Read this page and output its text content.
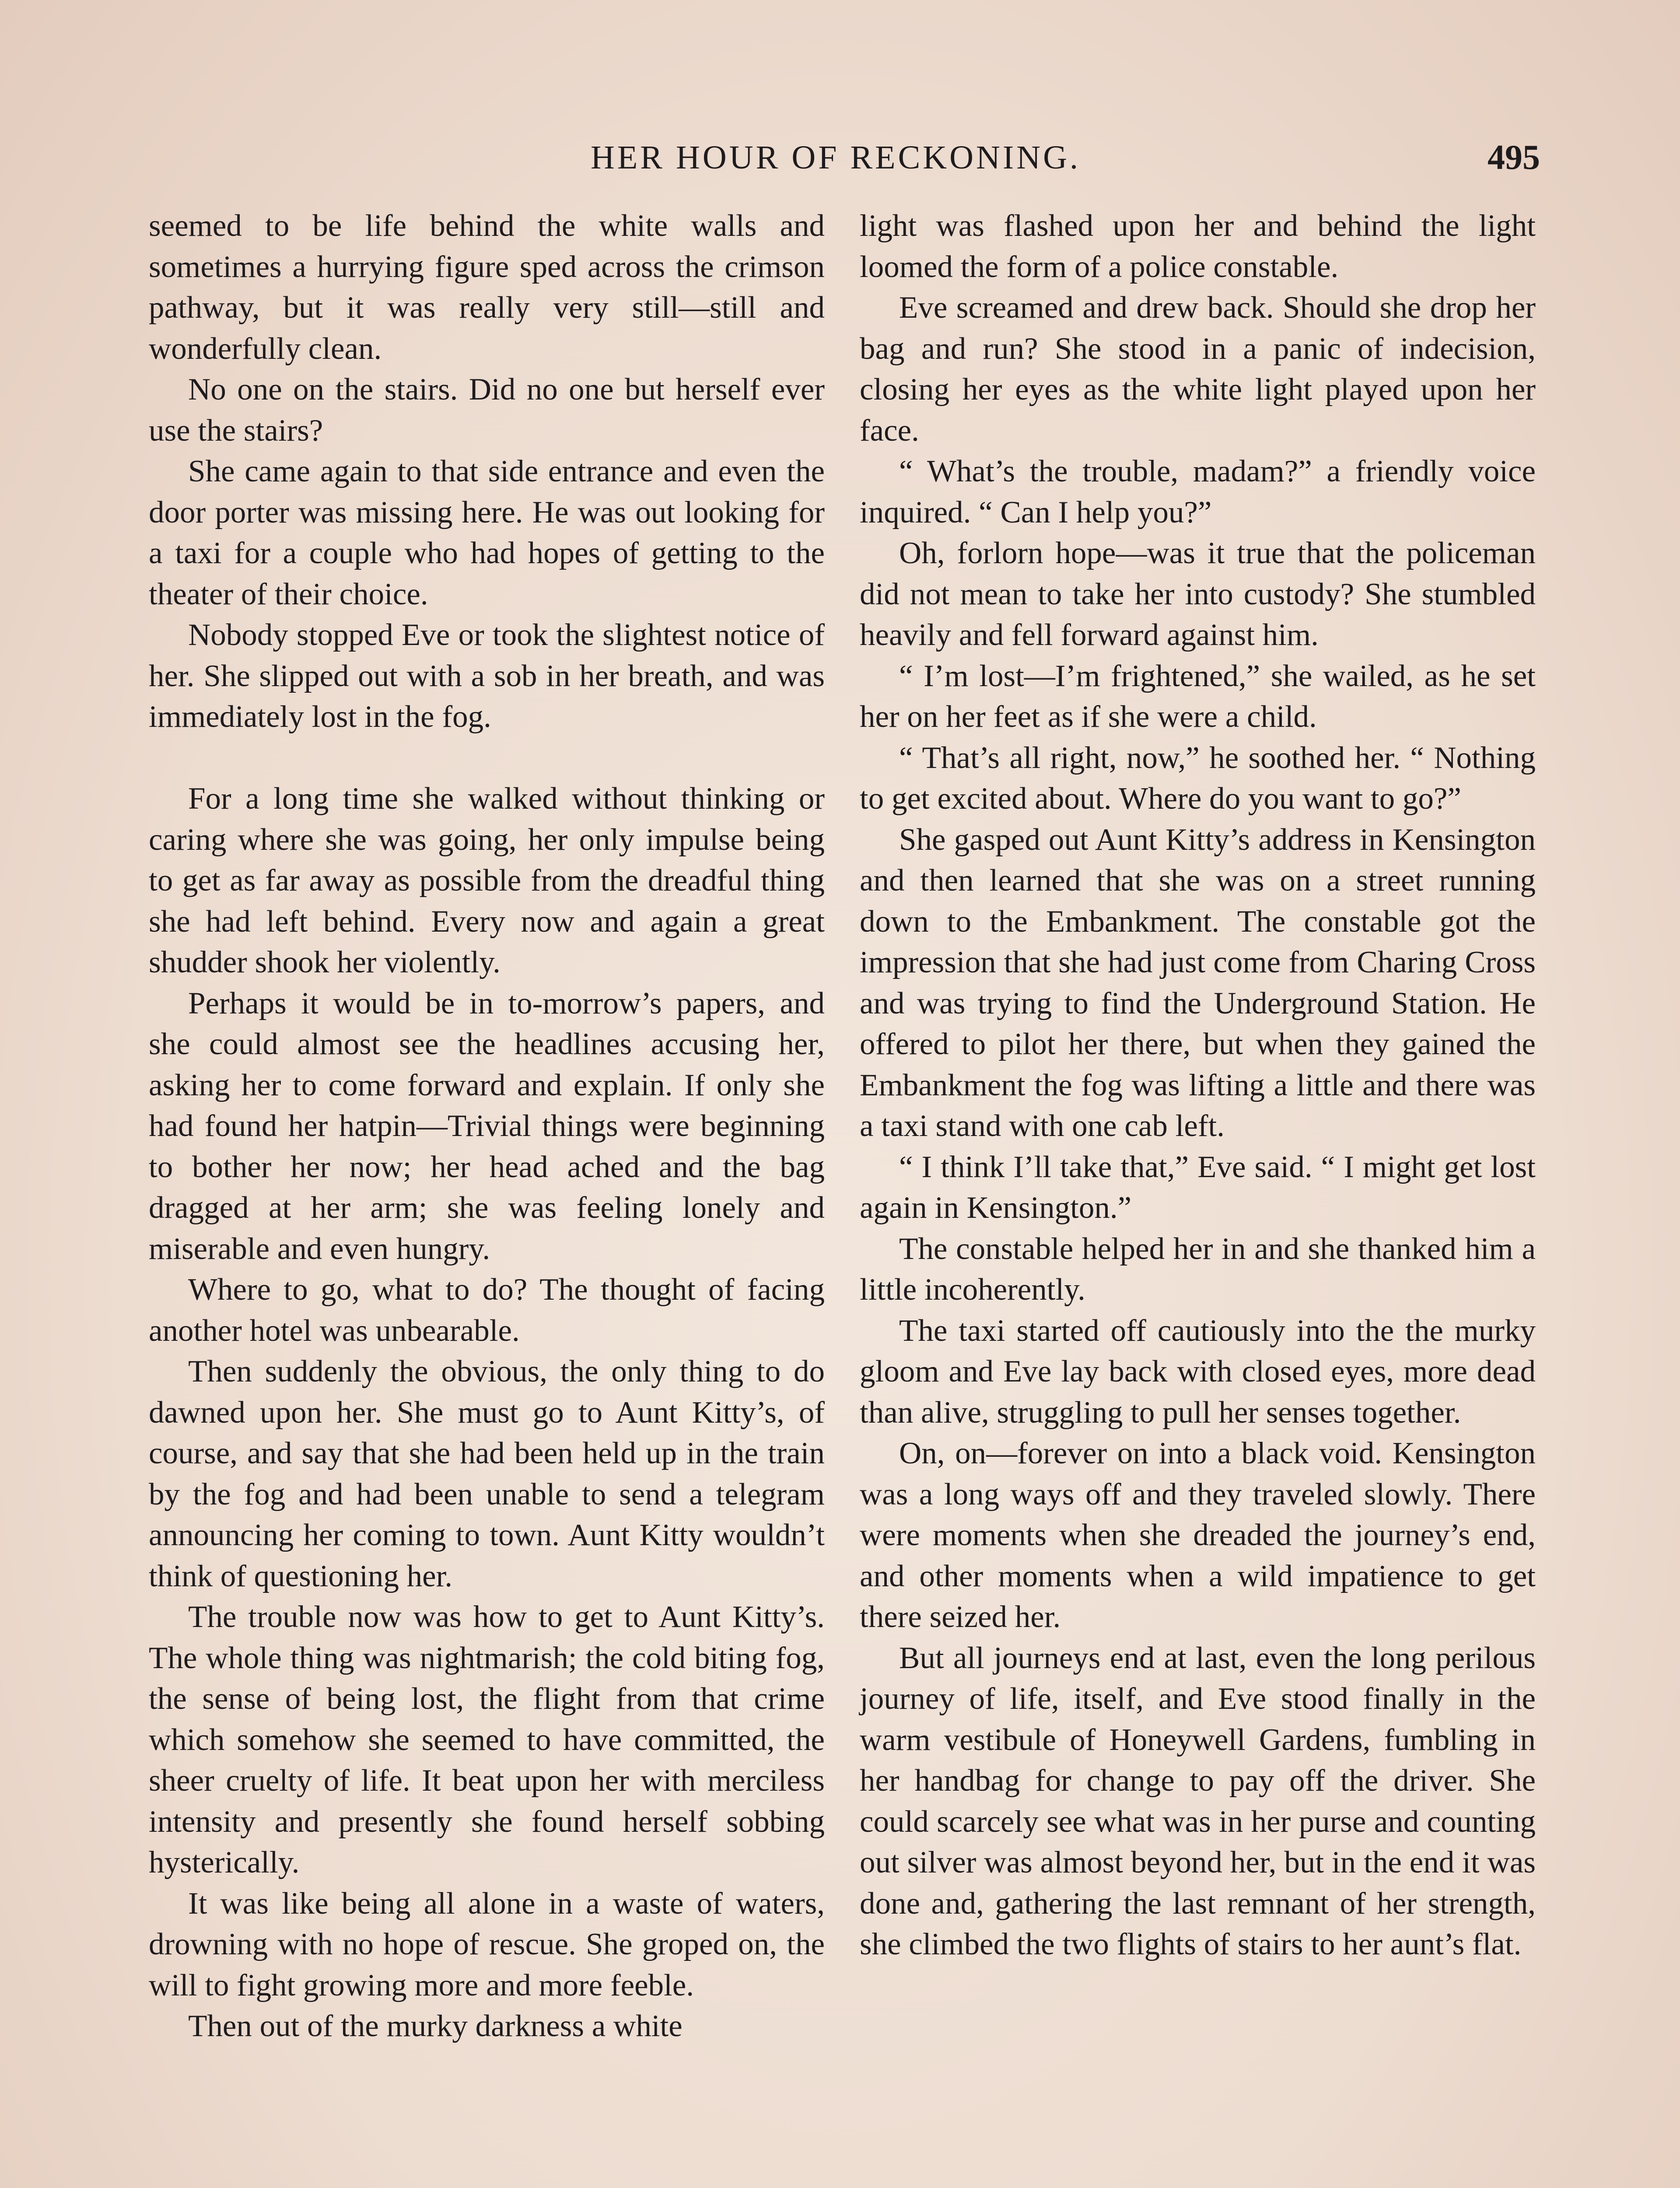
HER HOUR OF RECKONING.	495

seemed to be life behind the white walls and sometimes a hurrying figure sped across the crimson pathway, but it was really very still—still and wonderfully clean.

No one on the stairs. Did no one but herself ever use the stairs?

She came again to that side entrance and even the door porter was missing here. He was out looking for a taxi for a couple who had hopes of getting to the theater of their choice.

Nobody stopped Eve or took the slightest notice of her. She slipped out with a sob in her breath, and was immediately lost in the fog.

For a long time she walked without thinking or caring where she was going, her only impulse being to get as far away as possible from the dreadful thing she had left behind. Every now and again a great shudder shook her violently.

Perhaps it would be in to-morrow’s papers, and she could almost see the headlines accusing her, asking her to come forward and explain. If only she had found her hatpin—Trivial things were beginning to bother her now; her head ached and the bag dragged at her arm; she was feeling lonely and miserable and even hungry.

Where to go, what to do? The thought of facing another hotel was unbearable.

Then suddenly the obvious, the only thing to do dawned upon her. She must go to Aunt Kitty’s, of course, and say that she had been held up in the train by the fog and had been unable to send a telegram announcing her coming to town. Aunt Kitty wouldn’t think of questioning her.

The trouble now was how to get to Aunt Kitty’s. The whole thing was nightmarish; the cold biting fog, the sense of being lost, the flight from that crime which somehow she seemed to have committed, the sheer cruelty of life. It beat upon her with merciless intensity and presently she found herself sobbing hysterically.

It was like being all alone in a waste of waters, drowning with no hope of rescue. She groped on, the will to fight growing more and more feeble.

Then out of the murky darkness a white

light was flashed upon her and behind the light loomed the form of a police constable.

Eve screamed and drew back. Should she drop her bag and run? She stood in a panic of indecision, closing her eyes as the white light played upon her face.

“ What’s the trouble, madam?” a friendly voice inquired. “ Can I help you?”

Oh, forlorn hope—was it true that the policeman did not mean to take her into custody? She stumbled heavily and fell forward against him.

“ I’m lost—I’m frightened,” she wailed, as he set her on her feet as if she were a child.

“ That’s all right, now,” he soothed her. “ Nothing to get excited about. Where do you want to go?”

She gasped out Aunt Kitty’s address in Kensington and then learned that she was on a street running down to the Embankment. The constable got the impression that she had just come from Charing Cross and was trying to find the Underground Station. He offered to pilot her there, but when they gained the Embankment the fog was lifting a little and there was a taxi stand with one cab left.

“ I think I’ll take that,” Eve said. “ I might get lost again in Kensington.”

The constable helped her in and she thanked him a little incoherently.

The taxi started off cautiously into the the murky gloom and Eve lay back with closed eyes, more dead than alive, struggling to pull her senses together.

On, on—forever on into a black void. Kensington was a long ways off and they traveled slowly. There were moments when she dreaded the journey’s end, and other moments when a wild impatience to get there seized her.

But all journeys end at last, even the long perilous journey of life, itself, and Eve stood finally in the warm vestibule of Honeywell Gardens, fumbling in her handbag for change to pay off the driver. She could scarcely see what was in her purse and counting out silver was almost beyond her, but in the end it was done and, gathering the last remnant of her strength, she climbed the two flights of stairs to her aunt’s flat.
